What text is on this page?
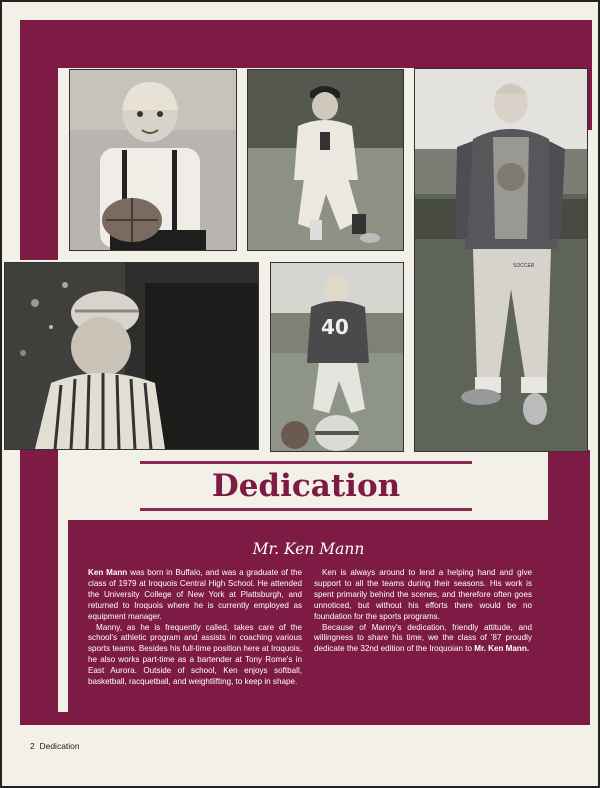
SOCCER
40
Dedication
Mr. Ken Mann

Ken Mann was born in Buffalo, and was a graduate of the class of 1979 at Iroquois Central High School. He attended the University College of New York at Plattsburgh, and returned to Iroquois where he is currently employed as equipment manager.

Manny, as he is frequently called, takes care of the school's athletic program and assists in coaching various sports teams. Besides his full-time position here at Iroquois, he also works part-time as a bartender at Tony Rome's in East Aurora. Outside of school, Ken enjoys softball, basketball, racquetball, and weightlifting, to keep in shape.

Ken is always around to lend a helping hand and give support to all the teams during their seasons. His work is spent primarily behind the scenes, and therefore often goes unnoticed, but without his efforts there would be no foundation for the sports programs.

Because of Manny's dedication, friendly attitude, and willingness to share his time, we the class of '87 proudly dedicate the 32nd edition of the Iroquoian to Mr. Ken Mann.

2 Dedication
